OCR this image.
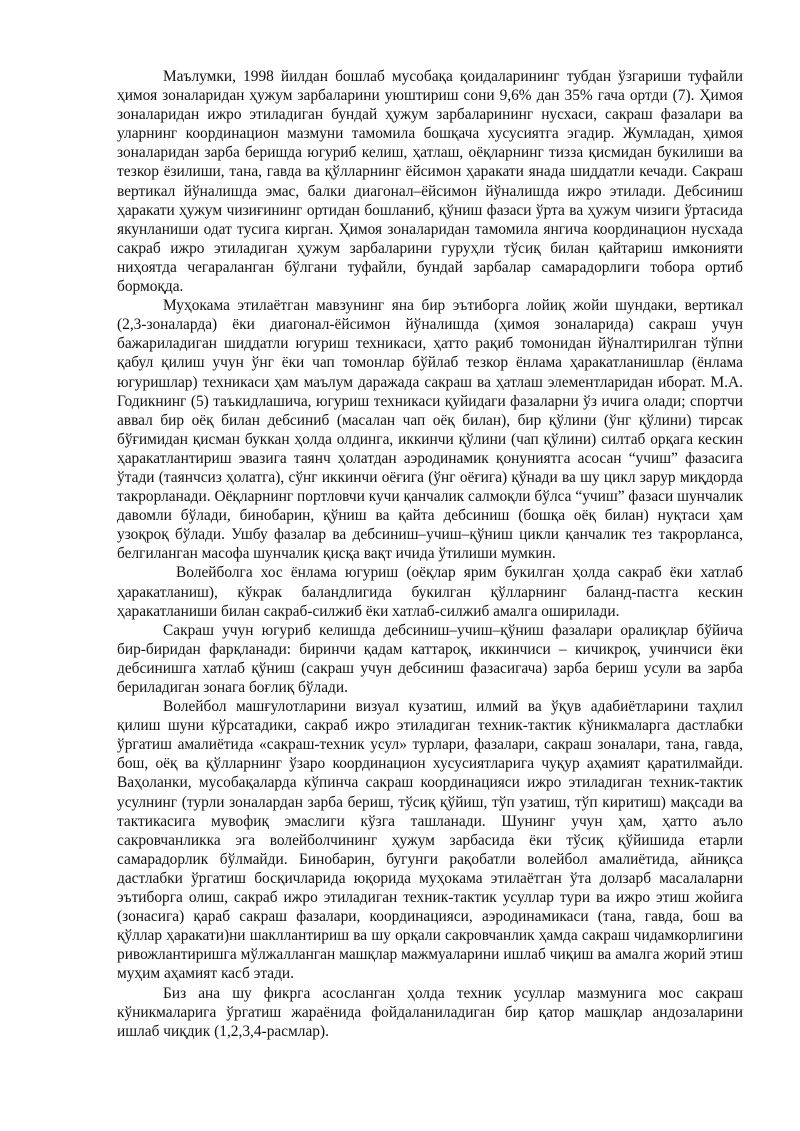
Маълумки, 1998 йилдан бошлаб мусобақа қоидаларининг тубдан ўзгариши туфайли ҳимоя зоналаридан ҳужум зарбаларини уюштириш сони 9,6% дан 35% гача ортди (7). Ҳимоя зоналаридан ижро этиладиган бундай ҳужум зарбаларининг нусхаси, сакраш фазалари ва уларнинг координацион мазмуни тамомила бошқача хусусиятга эгадир. Жумладан, ҳимоя зоналаридан зарба беришда югуриб келиш, ҳатлаш, оёқларнинг тизза қисмидан букилиши ва тезкор ёзилиши, тана, гавда ва қўлларнинг ёйсимон ҳаракати янада шиддатли кечади. Сакраш вертикал йўналишда эмас, балки диагонал–ёйсимон йўналишда ижро этилади. Дебсиниш ҳаракати ҳужум чизиғининг ортидан бошланиб, қўниш фазаси ўрта ва ҳужум чизиги ўртасида якунланиши одат тусига кирган. Ҳимоя зоналаридан тамомила янгича координацион нусхада сакраб ижро этиладиган ҳужум зарбаларини гуруҳли тўсиқ билан қайтариш имконияти ниҳоятда чегараланган бўлгани туфайли, бундай зарбалар самарадорлиги тобора ортиб бормоқда.

Муҳокама этилаётган мавзунинг яна бир эътиборга лойиқ жойи шундаки, вертикал (2,3-зоналарда) ёки диагонал-ёйсимон йўналишда (ҳимоя зоналарида) сакраш учун бажариладиган шиддатли югуриш техникаси, ҳатто рақиб томонидан йўналтирилган тўпни қабул қилиш учун ўнг ёки чап томонлар бўйлаб тезкор ёнлама ҳаракатланишлар (ёнлама югуришлар) техникаси ҳам маълум даражада сакраш ва ҳатлаш элементларидан иборат. М.А. Годикнинг (5) таъкидлашича, югуриш техникаси қуйидаги фазаларни ўз ичига олади; спортчи аввал бир оёқ билан дебсиниб (масалан чап оёқ билан), бир қўлини (ўнг қўлини) тирсак бўғимидан қисман буккан ҳолда олдинга, иккинчи қўлини (чап қўлини) силтаб орқага кескин ҳаракатлантириш эвазига таянч ҳолатдан аэродинамик қонуниятга асосан “учиш” фазасига ўтади (таянчсиз ҳолатга), сўнг иккинчи оёғига (ўнг оёғига) қўнади ва шу цикл зарур миқдорда такрорланади. Оёқларнинг портловчи кучи қанчалик салмоқли бўлса “учиш” фазаси шунчалик давомли бўлади, бинобарин, қўниш ва қайта дебсиниш (бошқа оёқ билан) нуқтаси ҳам узоқроқ бўлади. Ушбу фазалар ва дебсиниш–учиш–қўниш цикли қанчалик тез такрорланса, белгиланган масофа шунчалик қисқа вақт ичида ўтилиши мумкин.

Волейболга хос ёнлама югуриш (оёқлар ярим букилган ҳолда сакраб ёки хатлаб ҳаракатланиш), кўкрак баландлигида букилган қўлларнинг баланд-пастга кескин ҳаракатланиши билан сакраб-силжиб ёки хатлаб-силжиб амалга оширилади.

Сакраш учун югуриб келишда дебсиниш–учиш–қўниш фазалари оралиқлар бўйича бир-биридан фарқланади: биринчи қадам каттароқ, иккинчиси – кичикроқ, учинчиси ёки дебсинишга хатлаб қўниш (сакраш учун дебсиниш фазасигача) зарба бериш усули ва зарба бериладиган зонага боғлиқ бўлади.

Волейбол машғулотларини визуал кузатиш, илмий ва ўқув адабиётларини таҳлил қилиш шуни кўрсатадики, сакраб ижро этиладиган техник-тактик кўникмаларга дастлабки ўргатиш амалиётида «сакраш-техник усул» турлари, фазалари, сакраш зоналари, тана, гавда, бош, оёқ ва қўлларнинг ўзаро координацион хусусиятларига чуқур аҳамият қаратилмайди. Ваҳоланки, мусобақаларда кўпинча сакраш координацияси ижро этиладиган техник-тактик усулнинг (турли зоналардан зарба бериш, тўсиқ қўйиш, тўп узатиш, тўп киритиш) мақсади ва тактикасига мувофиқ эмаслиги кўзга ташланади. Шунинг учун ҳам, ҳатто аъло сакровчанликка эга волейболчининг ҳужум зарбасида ёки тўсиқ қўйишида етарли самарадорлик бўлмайди. Бинобарин, бугунги рақобатли волейбол амалиётида, айниқса дастлабки ўргатиш босқичларида юқорида муҳокама этилаётган ўта долзарб масалаларни эътиборга олиш, сакраб ижро этиладиган техник-тактик усуллар тури ва ижро этиш жойига (зонасига) қараб сакраш фазалари, координацияси, аэродинамикаси (тана, гавда, бош ва қўллар ҳаракати)ни шакллантириш ва шу орқали сакровчанлик ҳамда сакраш чидамкорлигини ривожлантиришга мўлжалланган машқлар мажмуаларини ишлаб чиқиш ва амалга жорий этиш муҳим аҳамият касб этади.

Биз ана шу фикрга асосланган ҳолда техник усуллар мазмунига мос сакраш кўникмаларига ўргатиш жараёнида фойдаланиладиган бир қатор машқлар андозаларини ишлаб чиқдик (1,2,3,4-расмлар).
